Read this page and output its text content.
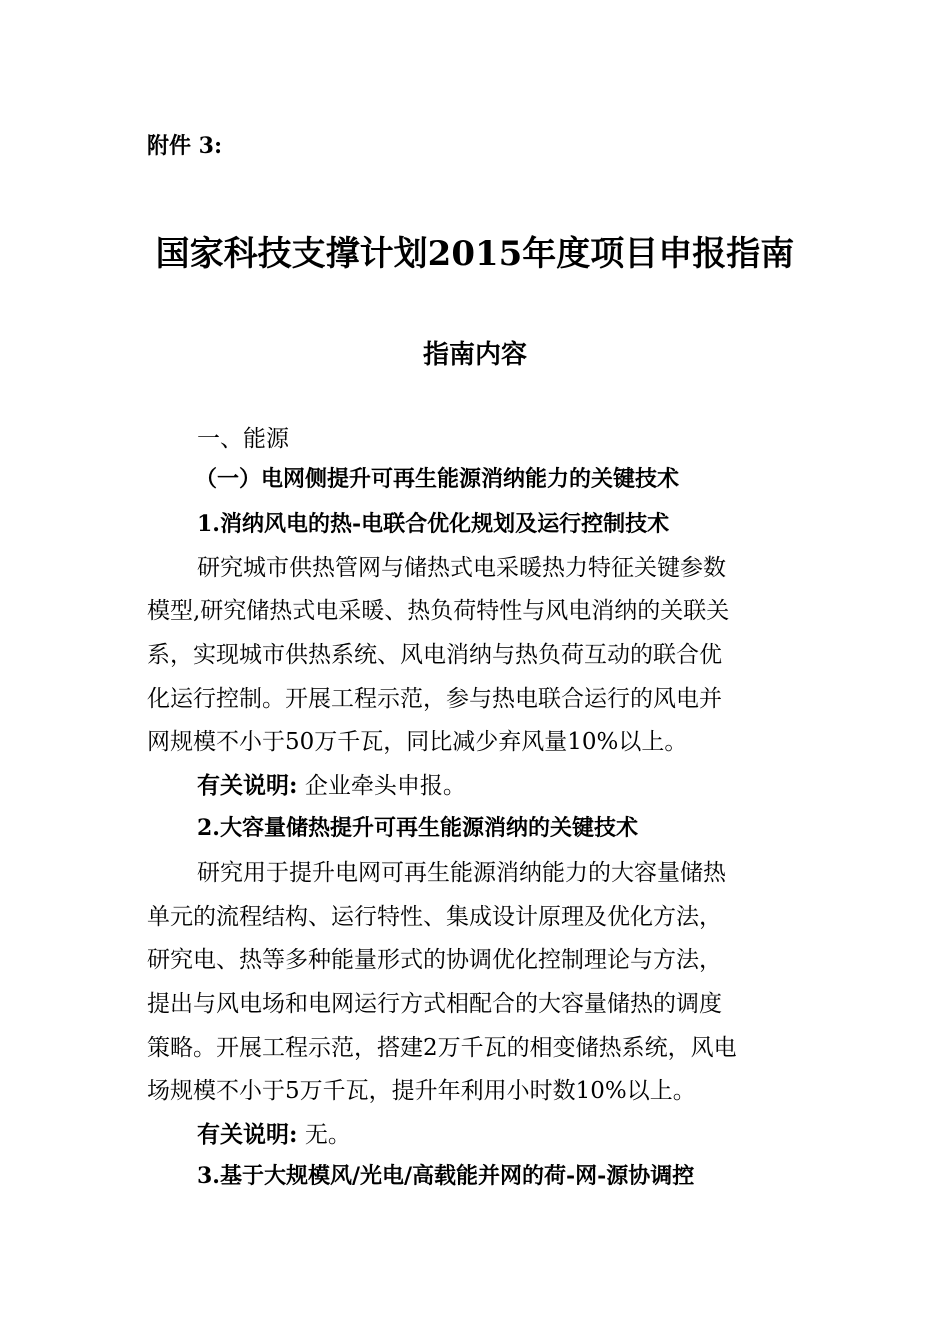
附件 3:
国家科技支撑计划2015年度项目申报指南
指南内容
一、能源
（一）电网侧提升可再生能源消纳能力的关键技术
1.消纳风电的热-电联合优化规划及运行控制技术
研究城市供热管网与储热式电采暖热力特征关键参数
模型,研究储热式电采暖、热负荷特性与风电消纳的关联关
系，实现城市供热系统、风电消纳与热负荷互动的联合优
化运行控制。开展工程示范，参与热电联合运行的风电并
网规模不小于50万千瓦，同比减少弃风量10%以上。
有关说明: 企业牵头申报。
2.大容量储热提升可再生能源消纳的关键技术
研究用于提升电网可再生能源消纳能力的大容量储热
单元的流程结构、运行特性、集成设计原理及优化方法，
研究电、热等多种能量形式的协调优化控制理论与方法，
提出与风电场和电网运行方式相配合的大容量储热的调度
策略。开展工程示范，搭建2万千瓦的相变储热系统，风电
场规模不小于5万千瓦，提升年利用小时数10%以上。
有关说明: 无。
3.基于大规模风/光电/高载能并网的荷-网-源协调控
